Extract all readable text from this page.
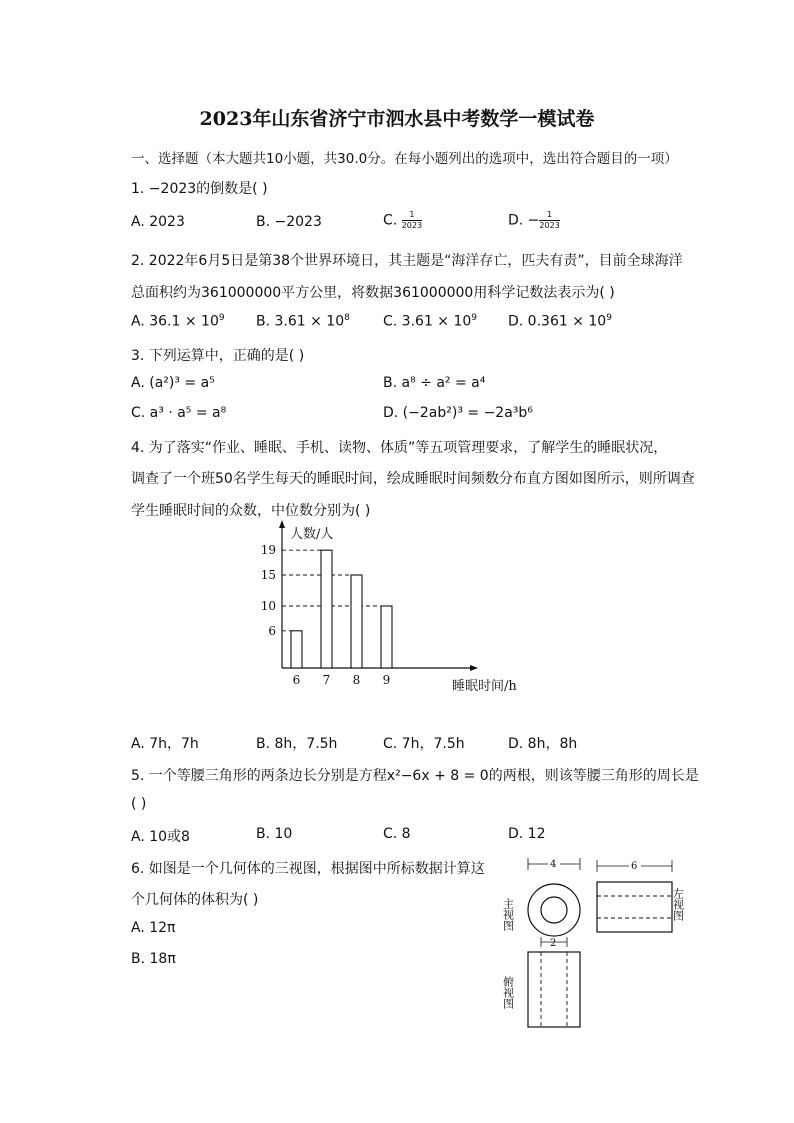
2023年山东省济宁市泗水县中考数学一模试卷
一、选择题（本大题共10小题，共30.0分。在每小题列出的选项中，选出符合题目的一项）
1. −2023的倒数是( )
A. 2023	B. −2023	C. $\frac{1}{2023}$	D. − $\frac{1}{2023}$
2. 2022年6月5日是第38个世界环境日，其主题是“海洋存亡，匹夫有责”，目前全球海洋
总面积约为361000000平方公里，将数据361000000用科学记数法表示为( )
A. $36.1 \times 10^9$ B. $3.61 \times 10^8$ C. $3.61 \times 10^9$ D. $0.361 \times 10^9$
3. 下列运算中，正确的是( )
A. (a²)³ = a⁵	B. a⁸ ÷ a² = a⁴
C. a³ · a⁵ = a⁸	D. (−2ab²)³ = −2a³b⁶
4. 为了落实“作业、睡眠、手机、读物、体质”等五项管理要求，了解学生的睡眠状况，
调查了一个班50名学生每天的睡眠时间，绘成睡眠时间频数分布直方图如图所示，则所调查
学生睡眠时间的众数，中位数分别为( )
人数/人
睡眠时间/h
6
10
15
19
6 7 8 9
A. 7h，7h	B. 8h，7.5h	C. 7h，7.5h	D. 8h，8h
5. 一个等腰三角形的两条边长分别是方程x²−6x + 8 = 0的两根，则该等腰三角形的周长是
( )
A. 10或8	B. 10	C. 8	D. 12
6. 如图是一个几何体的三视图，根据图中所标数据计算这
个几何体的体积为( )
A. 12π
B. 18π
4
主视图
6
左视图
2
俯视图
